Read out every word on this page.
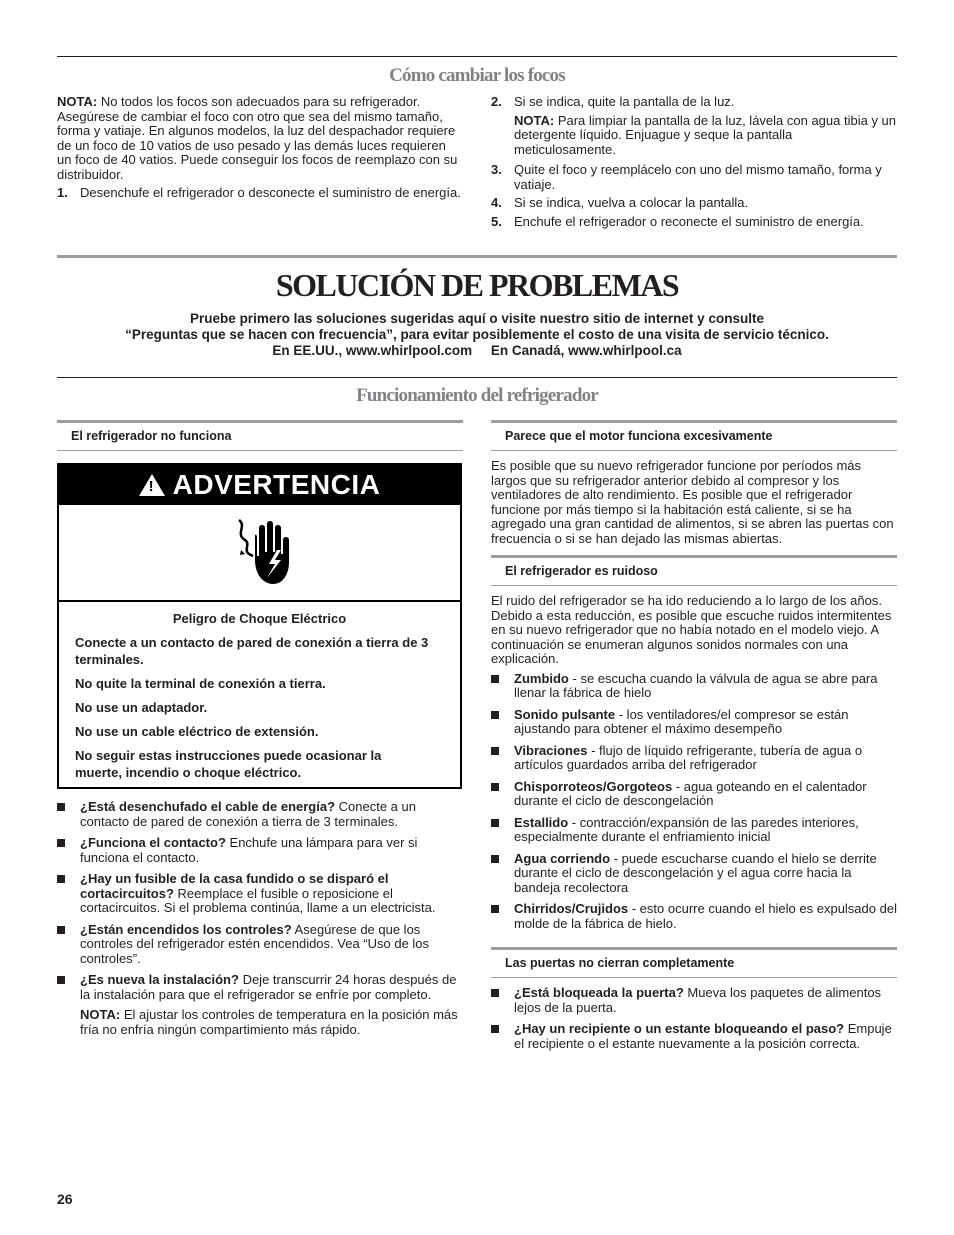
Cómo cambiar los focos

NOTA: No todos los focos son adecuados para su refrigerador. Asegúrese de cambiar el foco con otro que sea del mismo tamaño, forma y vatiaje. En algunos modelos, la luz del despachador requiere de un foco de 10 vatios de uso pesado y las demás luces requieren un foco de 40 vatios. Puede conseguir los focos de reemplazo con su distribuidor.

1. Desenchufe el refrigerador o desconecte el suministro de energía.
2. Si se indica, quite la pantalla de la luz.
NOTA: Para limpiar la pantalla de la luz, lávela con agua tibia y un detergente líquido. Enjuague y seque la pantalla meticulosamente.
3. Quite el foco y reemplácelo con uno del mismo tamaño, forma y vatiaje.
4. Si se indica, vuelva a colocar la pantalla.
5. Enchufe el refrigerador o reconecte el suministro de energía.
SOLUCIÓN DE PROBLEMAS
Pruebe primero las soluciones sugeridas aquí o visite nuestro sitio de internet y consulte
“Preguntas que se hacen con frecuencia”, para evitar posiblemente el costo de una visita de servicio técnico.
En EE.UU., www.whirlpool.com     En Canadá, www.whirlpool.ca
Funcionamiento del refrigerador
El refrigerador no funciona
! ADVERTENCIA

Peligro de Choque Eléctrico

Conecte a un contacto de pared de conexión a tierra de 3 terminales.

No quite la terminal de conexión a tierra.

No use un adaptador.

No use un cable eléctrico de extensión.

No seguir estas instrucciones puede ocasionar la muerte, incendio o choque eléctrico.

¿Está desenchufado el cable de energía? Conecte a un contacto de pared de conexión a tierra de 3 terminales.
¿Funciona el contacto? Enchufe una lámpara para ver si funciona el contacto.
¿Hay un fusible de la casa fundido o se disparó el cortacircuitos? Reemplace el fusible o reposicione el cortacircuitos. Si el problema continúa, llame a un electricista.
¿Están encendidos los controles? Asegúrese de que los controles del refrigerador estén encendidos. Vea “Uso de los controles”.
¿Es nueva la instalación? Deje transcurrir 24 horas después de la instalación para que el refrigerador se enfríe por completo.
NOTA: El ajustar los controles de temperatura en la posición más fría no enfría ningún compartimiento más rápido.
Parece que el motor funciona excesivamente

Es posible que su nuevo refrigerador funcione por períodos más largos que su refrigerador anterior debido al compresor y los ventiladores de alto rendimiento. Es posible que el refrigerador funcione por más tiempo si la habitación está caliente, si se ha agregado una gran cantidad de alimentos, si se abren las puertas con frecuencia o si se han dejado las mismas abiertas.

El refrigerador es ruidoso

El ruido del refrigerador se ha ido reduciendo a lo largo de los años. Debido a esta reducción, es posible que escuche ruidos intermitentes en su nuevo refrigerador que no había notado en el modelo viejo. A continuación se enumeran algunos sonidos normales con una explicación.

Zumbido - se escucha cuando la válvula de agua se abre para llenar la fábrica de hielo
Sonido pulsante - los ventiladores/el compresor se están ajustando para obtener el máximo desempeño
Vibraciones - flujo de líquido refrigerante, tubería de agua o artículos guardados arriba del refrigerador
Chisporroteos/Gorgoteos - agua goteando en el calentador durante el ciclo de descongelación
Estallido - contracción/expansión de las paredes interiores, especialmente durante el enfriamiento inicial
Agua corriendo - puede escucharse cuando el hielo se derrite durante el ciclo de descongelación y el agua corre hacia la bandeja recolectora
Chirridos/Crujidos - esto ocurre cuando el hielo es expulsado del molde de la fábrica de hielo.
Las puertas no cierran completamente
¿Está bloqueada la puerta? Mueva los paquetes de alimentos lejos de la puerta.
¿Hay un recipiente o un estante bloqueando el paso? Empuje el recipiente o el estante nuevamente a la posición correcta.
26
